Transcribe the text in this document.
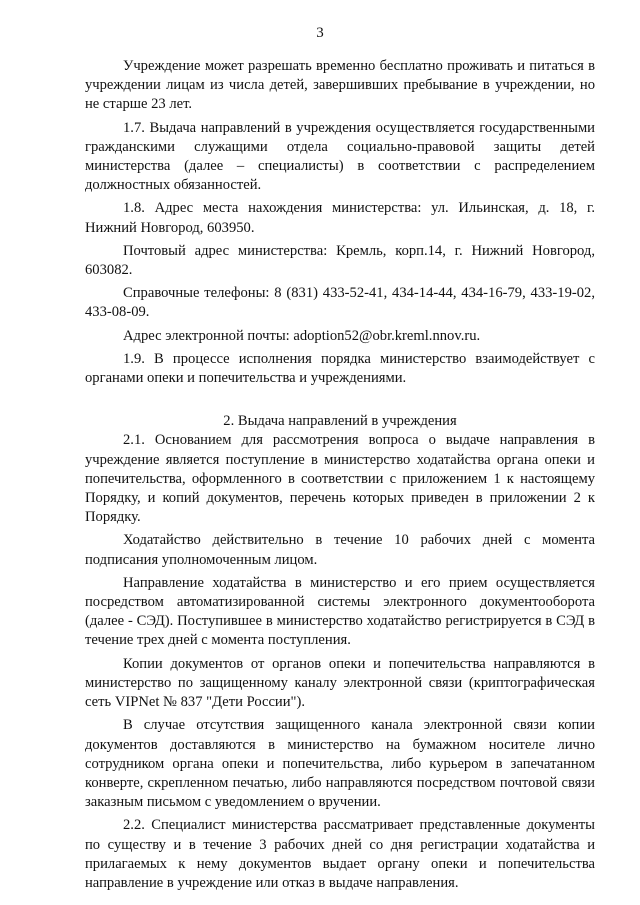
3

Учреждение может разрешать временно бесплатно проживать и питаться в учреждении лицам из числа детей, завершивших пребывание в учреждении, но не старше 23 лет.

1.7. Выдача направлений в учреждения осуществляется государственными гражданскими служащими отдела социально-правовой защиты детей министерства (далее – специалисты) в соответствии с распределением должностных обязанностей.

1.8. Адрес места нахождения министерства: ул. Ильинская, д. 18, г. Нижний Новгород, 603950.

Почтовый адрес министерства: Кремль, корп.14, г. Нижний Новгород, 603082.

Справочные телефоны: 8 (831) 433-52-41, 434-14-44, 434-16-79, 433-19-02, 433-08-09.

Адрес электронной почты: adoption52@obr.kreml.nnov.ru.

1.9. В процессе исполнения порядка министерство взаимодействует с органами опеки и попечительства и учреждениями.

2. Выдача направлений в учреждения

2.1. Основанием для рассмотрения вопроса о выдаче направления в учреждение является поступление в министерство ходатайства органа опеки и попечительства, оформленного в соответствии с приложением 1 к настоящему Порядку, и копий документов, перечень которых приведен в приложении 2 к Порядку.

Ходатайство действительно в течение 10 рабочих дней с момента подписания уполномоченным лицом.

Направление ходатайства в министерство и его прием осуществляется посредством автоматизированной системы электронного документооборота (далее - СЭД). Поступившее в министерство ходатайство регистрируется в СЭД в течение трех дней с момента поступления.

Копии документов от органов опеки и попечительства направляются в министерство по защищенному каналу электронной связи (криптографическая сеть VIPNet № 837 "Дети России").

В случае отсутствия защищенного канала электронной связи копии документов доставляются в министерство на бумажном носителе лично сотрудником органа опеки и попечительства, либо курьером в запечатанном конверте, скрепленном печатью, либо направляются посредством почтовой связи заказным письмом с уведомлением о вручении.

2.2. Специалист министерства рассматривает представленные документы по существу и в течение 3 рабочих дней со дня регистрации ходатайства и прилагаемых к нему документов выдает органу опеки и попечительства направление в учреждение или отказ в выдаче направления.
